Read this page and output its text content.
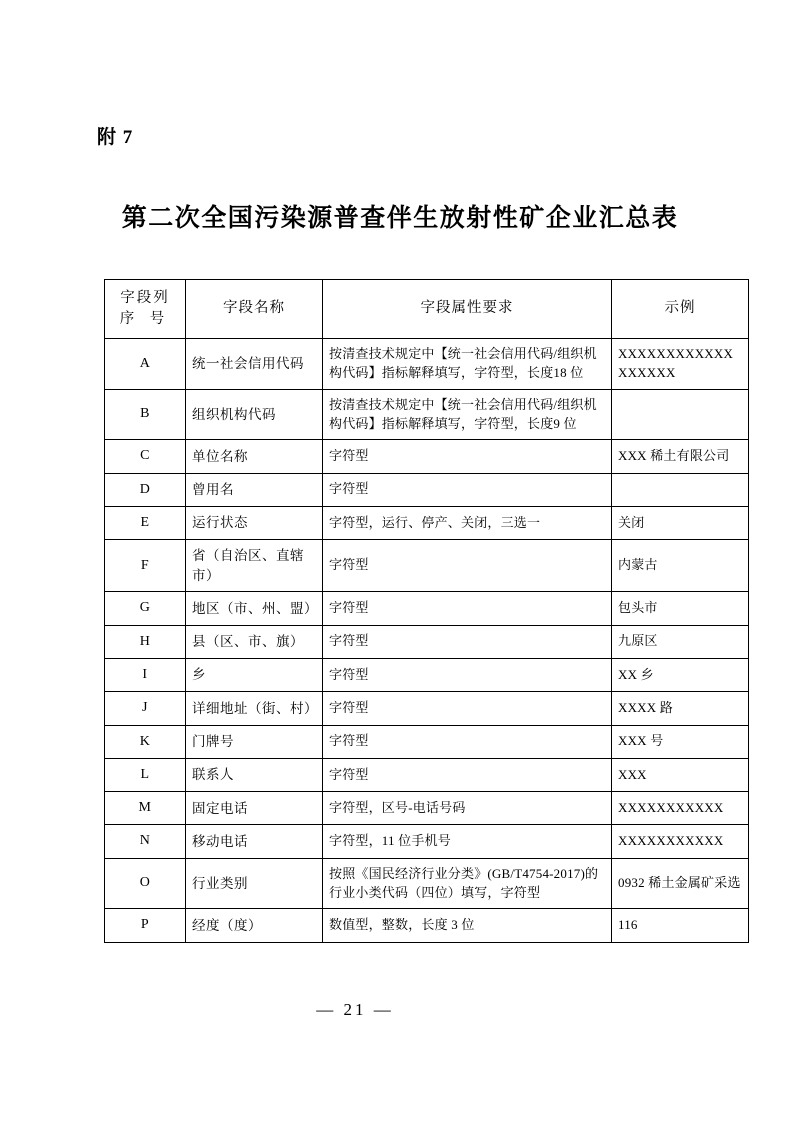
附 7
第二次全国污染源普查伴生放射性矿企业汇总表
字段列
序 号	字段名称	字段属性要求	示例
A	统一社会信用代码	按清查技术规定中【统一社会信用代码/组织机构代码】指标解释填写，字符型，长度18 位	XXXXXXXXXXXXXXXXXX
B	组织机构代码	按清查技术规定中【统一社会信用代码/组织机构代码】指标解释填写，字符型，长度9 位	
C	单位名称	字符型	XXX 稀土有限公司
D	曾用名	字符型	
E	运行状态	字符型，运行、停产、关闭，三选一	关闭
F	省（自治区、直辖市）	字符型	内蒙古
G	地区（市、州、盟）	字符型	包头市
H	县（区、市、旗）	字符型	九原区
I	乡	字符型	XX 乡
J	详细地址（街、村）	字符型	XXXX 路
K	门牌号	字符型	XXX 号
L	联系人	字符型	XXX
M	固定电话	字符型，区号-电话号码	XXXXXXXXXXX
N	移动电话	字符型，11 位手机号	XXXXXXXXXXX
O	行业类别	按照《国民经济行业分类》(GB/T4754-2017)的行业小类代码（四位）填写，字符型	0932 稀土金属矿采选
P	经度（度）	数值型，整数，长度 3 位	116
— 21 —
